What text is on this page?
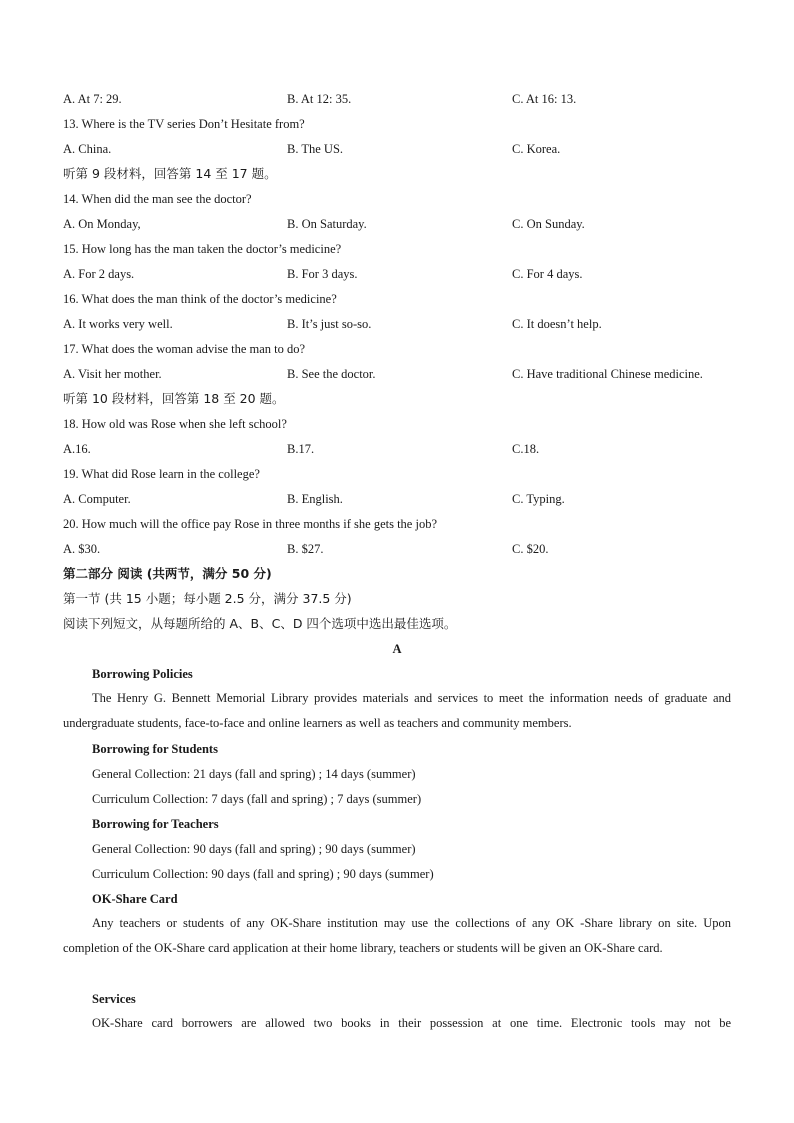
A. At 7: 29.	B. At 12: 35.	C. At 16: 13.
13. Where is the TV series Don’t Hesitate from?
A. China.	B. The US.	C. Korea.
听第 9 段材料，回答第 14 至 17 题。
14. When did the man see the doctor?
A. On Monday,	B. On Saturday.	C. On Sunday.
15. How long has the man taken the doctor’s medicine?
A. For 2 days.	B. For 3 days.	C. For 4 days.
16. What does the man think of the doctor’s medicine?
A. It works very well.	B. It’s just so-so.	C. It doesn’t help.
17. What does the woman advise the man to do?
A. Visit her mother.	B. See the doctor.	C. Have traditional Chinese medicine.
听第 10 段材料，回答第 18 至 20 题。
18. How old was Rose when she left school?
A.16.	B.17.	C.18.
19. What did Rose learn in the college?
A. Computer.	B. English.	C. Typing.
20. How much will the office pay Rose in three months if she gets the job?
A. $30.	B. $27.	C. $20.
第二部分 阅读 (共两节，满分 50 分)
第一节 (共 15 小题；每小题 2.5 分，满分 37.5 分)
阅读下列短文，从每题所给的 A、B、C、D 四个选项中选出最佳选项。
A
Borrowing Policies
The Henry G. Bennett Memorial Library provides materials and services to meet the information needs of graduate and undergraduate students, face-to-face and online learners as well as teachers and community members.
Borrowing for Students
General Collection: 21 days (fall and spring) ; 14 days (summer)
Curriculum Collection: 7 days (fall and spring) ; 7 days (summer)
Borrowing for Teachers
General Collection: 90 days (fall and spring) ; 90 days (summer)
Curriculum Collection: 90 days (fall and spring) ; 90 days (summer)
OK-Share Card
Any teachers or students of any OK-Share institution may use the collections of any OK -Share library on site. Upon completion of the OK-Share card application at their home library, teachers or students will be given an OK-Share card.
Services
OK-Share card borrowers are allowed two books in their possession at one time. Electronic tools may not be
